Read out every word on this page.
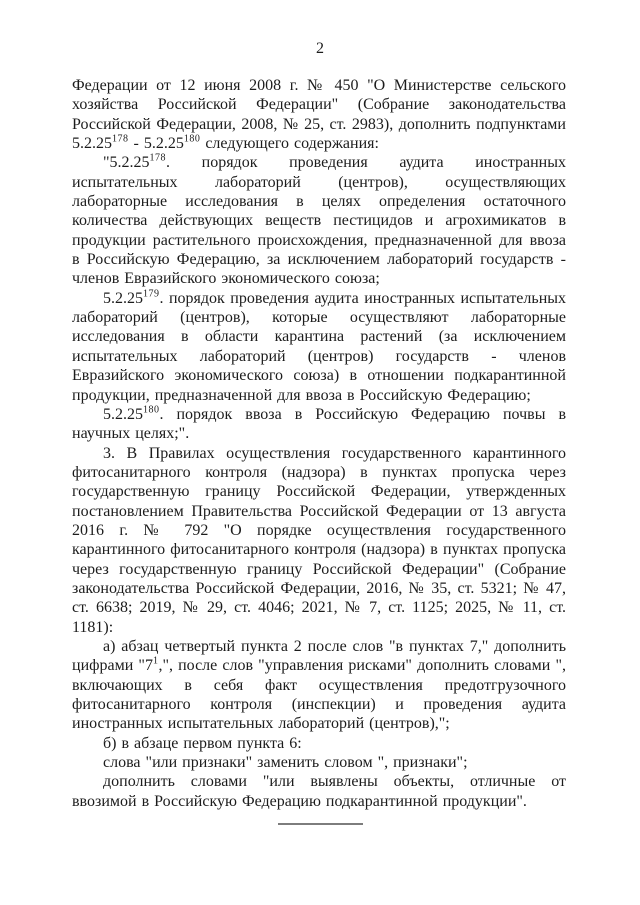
2

Федерации от 12 июня 2008 г. № 450 "О Министерстве сельского хозяйства Российской Федерации" (Собрание законодательства Российской Федерации, 2008, № 25, ст. 2983), дополнить подпунктами 5.2.25$^{178}$ - 5.2.25$^{180}$ следующего содержания:

"5.2.25$^{178}$. порядок проведения аудита иностранных испытательных лабораторий (центров), осуществляющих лабораторные исследования в целях определения остаточного количества действующих веществ пестицидов и агрохимикатов в продукции растительного происхождения, предназначенной для ввоза в Российскую Федерацию, за исключением лабораторий государств - членов Евразийского экономического союза;

5.2.25$^{179}$. порядок проведения аудита иностранных испытательных лабораторий (центров), которые осуществляют лабораторные исследования в области карантина растений (за исключением испытательных лабораторий (центров) государств - членов Евразийского экономического союза) в отношении подкарантинной продукции, предназначенной для ввоза в Российскую Федерацию;

5.2.25$^{180}$. порядок ввоза в Российскую Федерацию почвы в научных целях;".

3. В Правилах осуществления государственного карантинного фитосанитарного контроля (надзора) в пунктах пропуска через государственную границу Российской Федерации, утвержденных постановлением Правительства Российской Федерации от 13 августа 2016 г. № 792 "О порядке осуществления государственного карантинного фитосанитарного контроля (надзора) в пунктах пропуска через государственную границу Российской Федерации" (Собрание законодательства Российской Федерации, 2016, № 35, ст. 5321; № 47, ст. 6638; 2019, № 29, ст. 4046; 2021, № 7, ст. 1125; 2025, № 11, ст. 1181):

а) абзац четвертый пункта 2 после слов "в пунктах 7," дополнить цифрами "$7^1$,", после слов "управления рисками" дополнить словами ", включающих в себя факт осуществления предотгрузочного фитосанитарного контроля (инспекции) и проведения аудита иностранных испытательных лабораторий (центров),";

б) в абзаце первом пункта 6:

слова "или признаки" заменить словом ", признаки";

дополнить словами "или выявлены объекты, отличные от ввозимой в Российскую Федерацию подкарантинной продукции".
